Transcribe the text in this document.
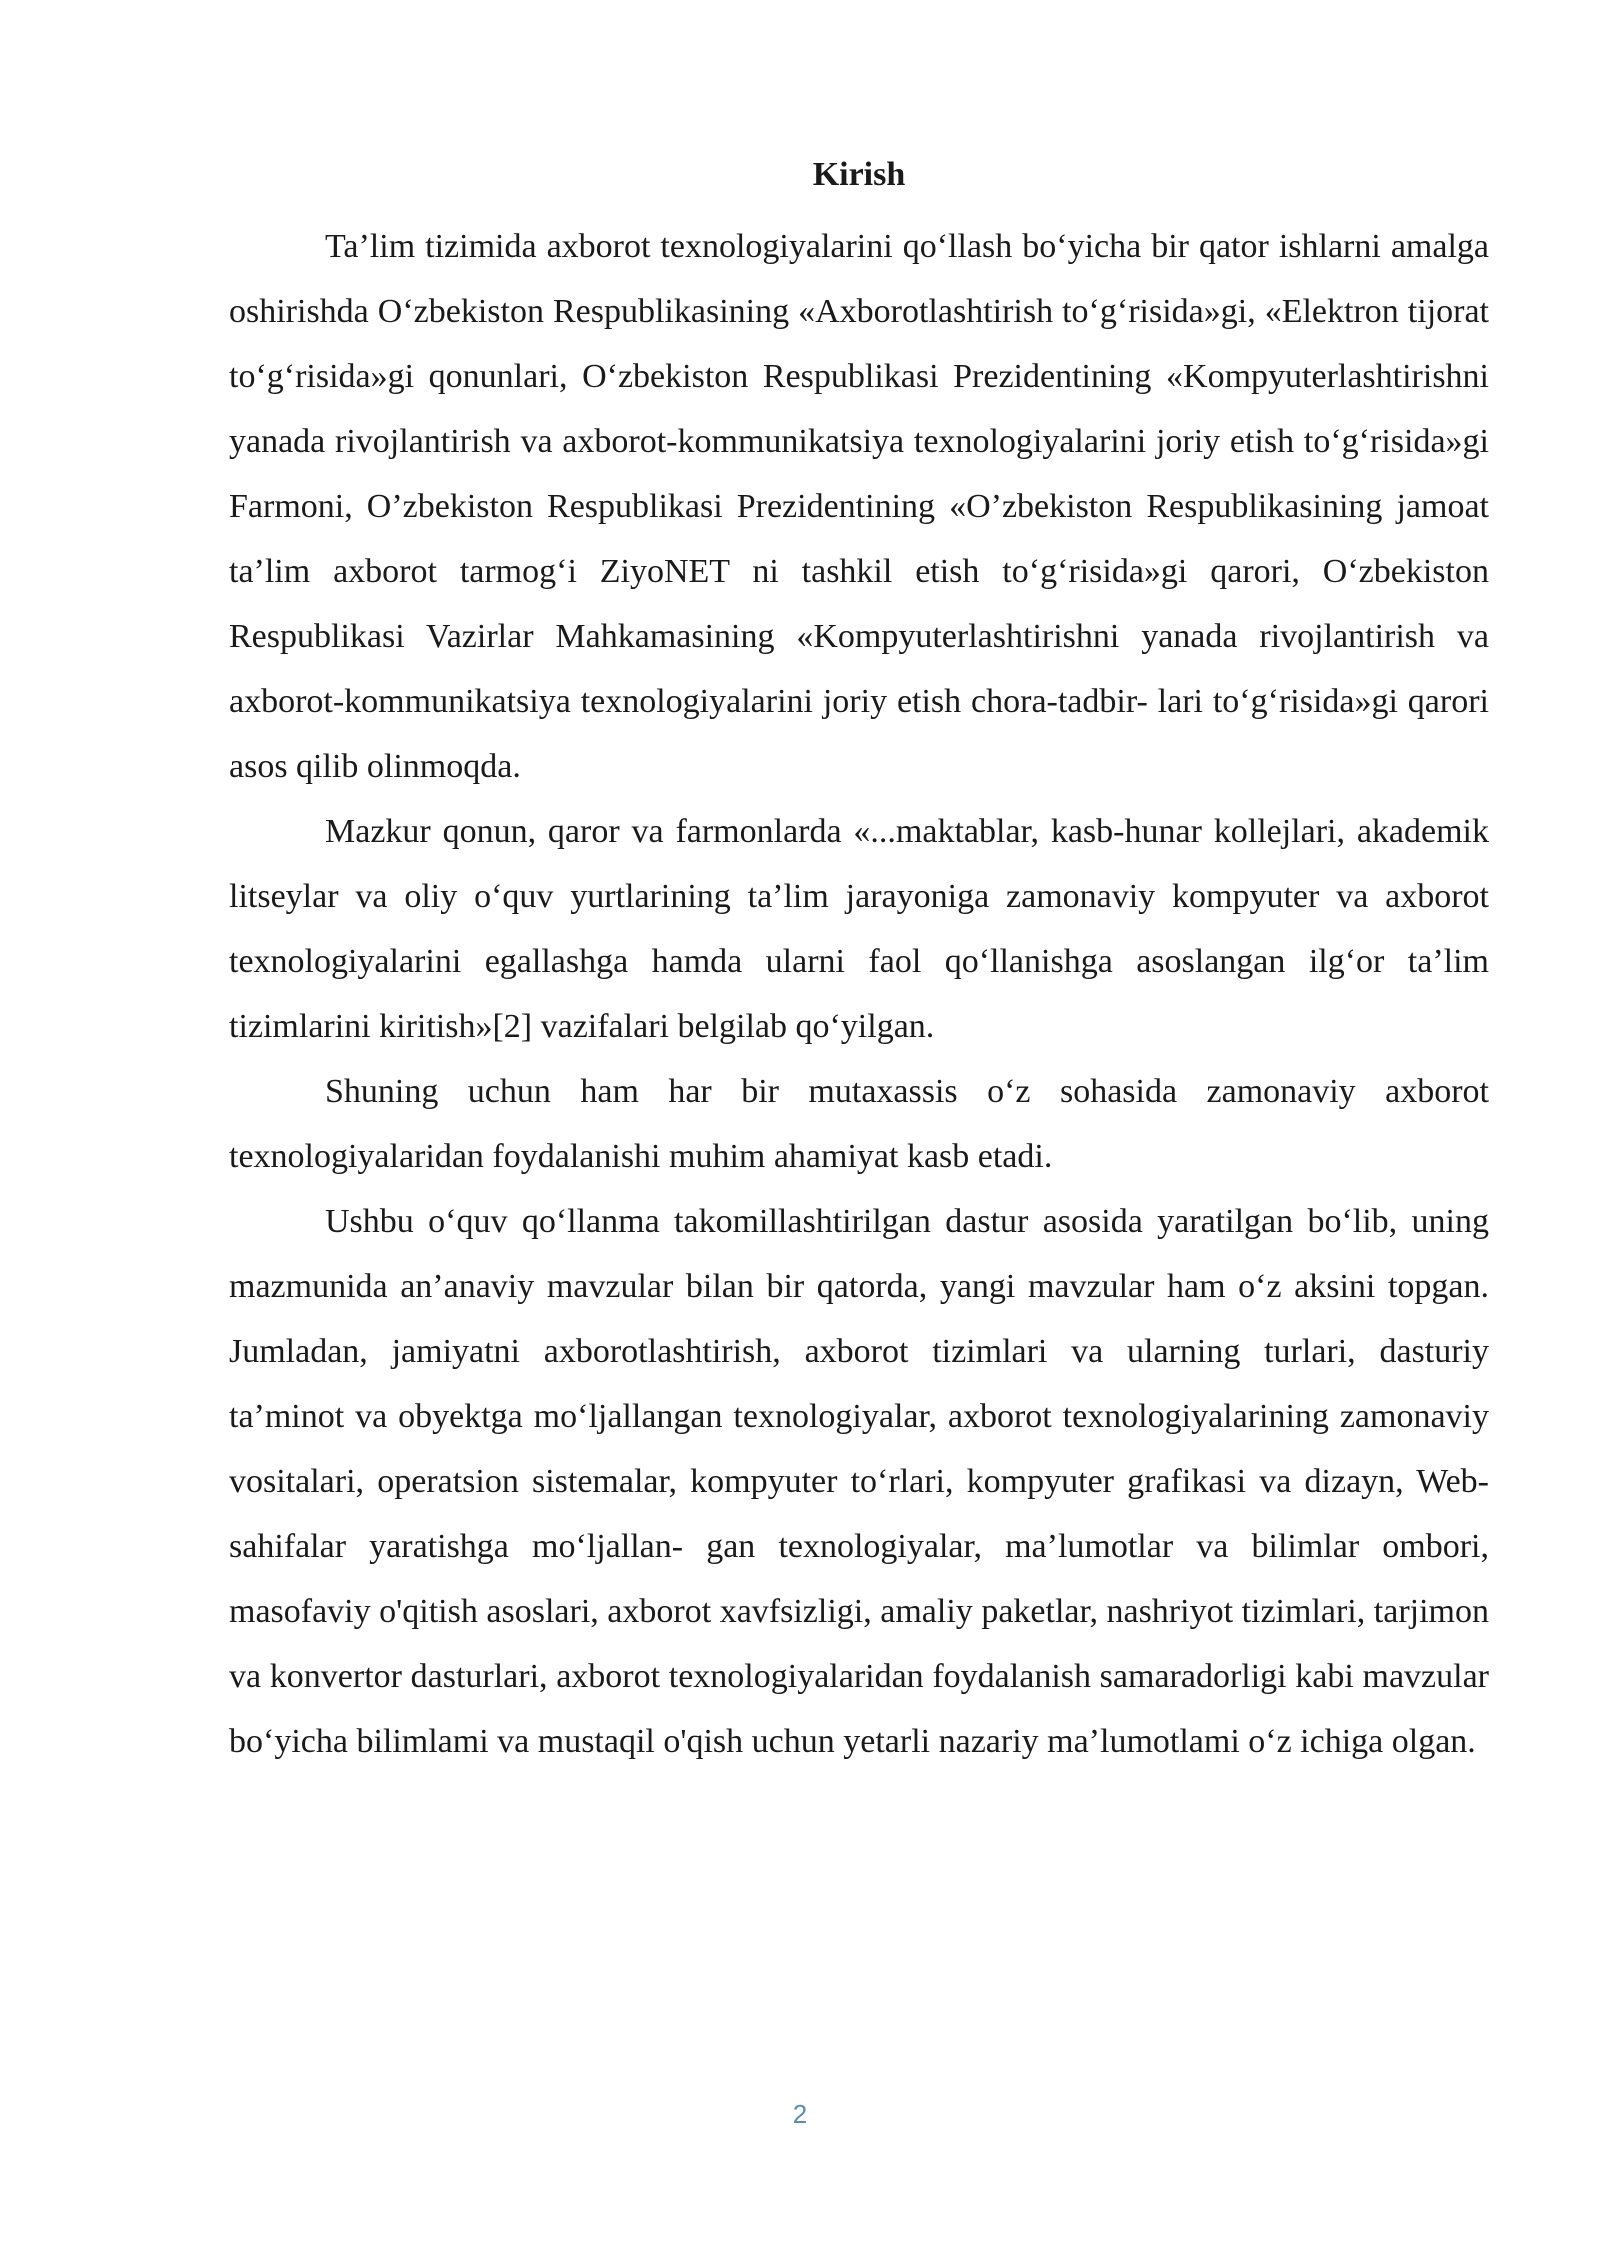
Kirish

Ta’lim tizimida axborot texnologiyalarini qo‘llash bo‘yicha bir qator ishlarni amalga oshirishda O‘zbekiston Respublikasining «Axborotlashtirish to‘g‘risida»gi, «Elektron tijorat to‘g‘risida»gi qonunlari, O‘zbekiston Respublikasi Prezidentining «Kompyuterlashtirishni yanada rivojlantirish va axborot-kommunikatsiya texnologiyalarini joriy etish to‘g‘risida»gi Farmoni, O’zbekiston Respublikasi Prezidentining «O’zbekiston Respublikasining jamoat ta’lim axborot tarmog‘i ZiyoNET ni tashkil etish to‘g‘risida»gi qarori, O‘zbekiston Respublikasi Vazirlar Mahkamasining «Kompyuterlashtirishni yanada rivojlantirish va axborot-kommunikatsiya texnologiyalarini joriy etish chora-tadbir- lari to‘g‘risida»gi qarori asos qilib olinmoqda.

Mazkur qonun, qaror va farmonlarda «...maktablar, kasb-hunar kollejlari, akademik litseylar va oliy o‘quv yurtlarining ta’lim jarayoniga zamonaviy kompyuter va axborot texnologiyalarini egallashga hamda ularni faol qo‘llanishga asoslangan ilg‘or ta’lim tizimlarini kiritish»[2] vazifalari belgilab qo‘yilgan.

Shuning uchun ham har bir mutaxassis o‘z sohasida zamonaviy axborot texnologiyalaridan foydalanishi muhim ahamiyat kasb etadi.

Ushbu o‘quv qo‘llanma takomillashtirilgan dastur asosida yaratilgan bo‘lib, uning mazmunida an’anaviy mavzular bilan bir qatorda, yangi mavzular ham o‘z aksini topgan. Jumladan, jamiyatni axborotlashtirish, axborot tizimlari va ularning turlari, dasturiy ta’minot va obyektga mo‘ljallangan texnologiyalar, axborot texnologiyalarining zamonaviy vositalari, operatsion sistemalar, kompyuter to‘rlari, kompyuter grafikasi va dizayn, Web-sahifalar yaratishga mo‘ljallan- gan texnologiyalar, ma’lumotlar va bilimlar ombori, masofaviy o'qitish asoslari, axborot xavfsizligi, amaliy paketlar, nashriyot tizimlari, tarjimon va konvertor dasturlari, axborot texnologiyalaridan foydalanish samaradorligi kabi mavzular bo‘yicha bilimlami va mustaqil o'qish uchun yetarli nazariy ma’lumotlami o‘z ichiga olgan.

2
